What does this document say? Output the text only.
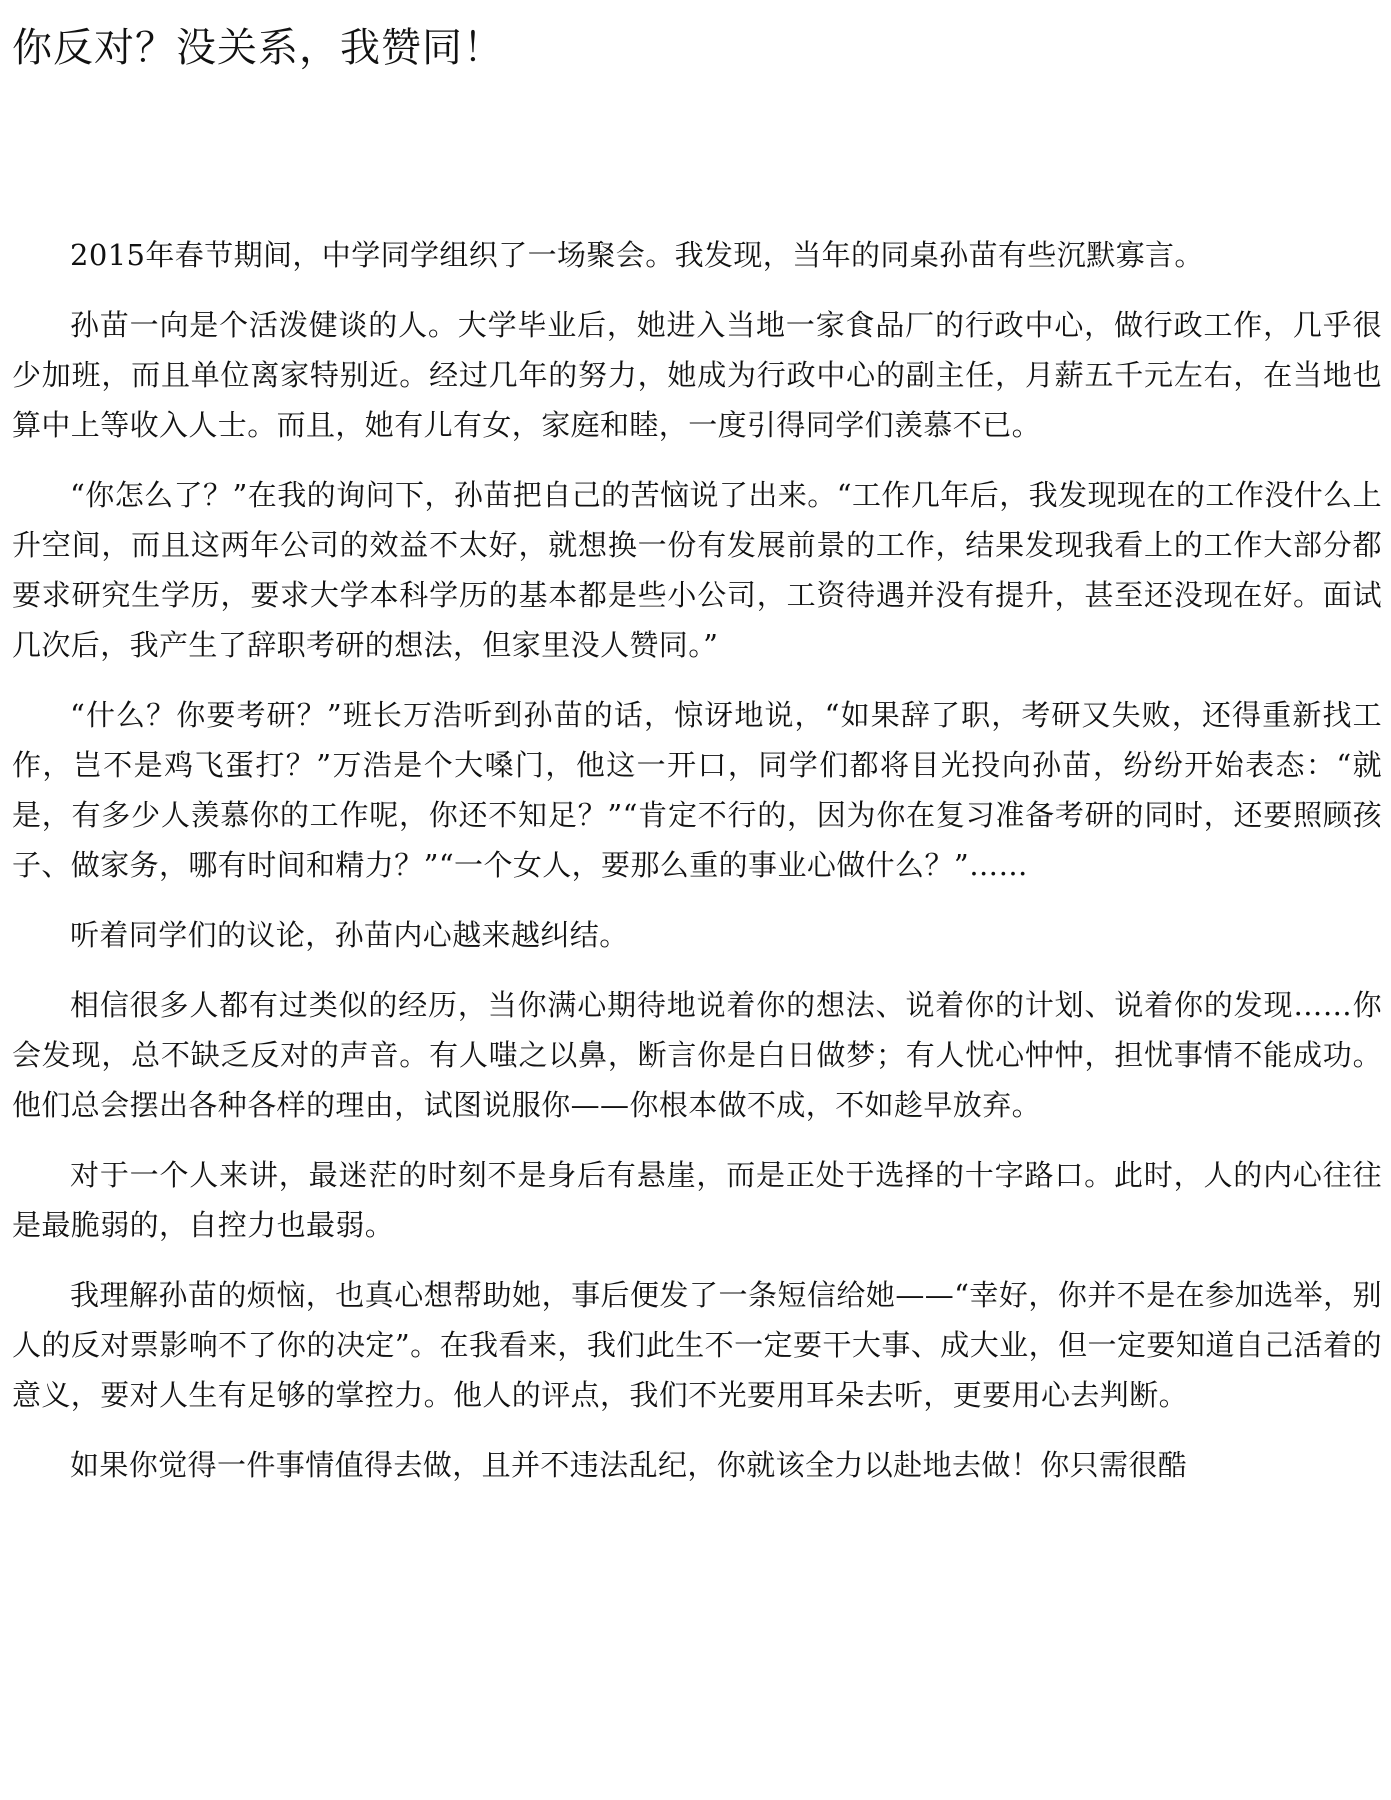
你反对？没关系，我赞同！

2015年春节期间，中学同学组织了一场聚会。我发现，当年的同桌孙苗有些沉默寡言。

孙苗一向是个活泼健谈的人。大学毕业后，她进入当地一家食品厂的行政中心，做行政工作，几乎很少加班，而且单位离家特别近。经过几年的努力，她成为行政中心的副主任，月薪五千元左右，在当地也算中上等收入人士。而且，她有儿有女，家庭和睦，一度引得同学们羡慕不已。

“你怎么了？”在我的询问下，孙苗把自己的苦恼说了出来。“工作几年后，我发现现在的工作没什么上升空间，而且这两年公司的效益不太好，就想换一份有发展前景的工作，结果发现我看上的工作大部分都要求研究生学历，要求大学本科学历的基本都是些小公司，工资待遇并没有提升，甚至还没现在好。面试几次后，我产生了辞职考研的想法，但家里没人赞同。”

“什么？你要考研？”班长万浩听到孙苗的话，惊讶地说，“如果辞了职，考研又失败，还得重新找工作，岂不是鸡飞蛋打？”万浩是个大嗓门，他这一开口，同学们都将目光投向孙苗，纷纷开始表态：“就是，有多少人羡慕你的工作呢，你还不知足？”“肯定不行的，因为你在复习准备考研的同时，还要照顾孩子、做家务，哪有时间和精力？”“一个女人，要那么重的事业心做什么？”……

听着同学们的议论，孙苗内心越来越纠结。

相信很多人都有过类似的经历，当你满心期待地说着你的想法、说着你的计划、说着你的发现……你会发现，总不缺乏反对的声音。有人嗤之以鼻，断言你是白日做梦；有人忧心忡忡，担忧事情不能成功。他们总会摆出各种各样的理由，试图说服你——你根本做不成，不如趁早放弃。

对于一个人来讲，最迷茫的时刻不是身后有悬崖，而是正处于选择的十字路口。此时，人的内心往往是最脆弱的，自控力也最弱。

我理解孙苗的烦恼，也真心想帮助她，事后便发了一条短信给她——“幸好，你并不是在参加选举，别人的反对票影响不了你的决定”。在我看来，我们此生不一定要干大事、成大业，但一定要知道自己活着的意义，要对人生有足够的掌控力。他人的评点，我们不光要用耳朵去听，更要用心去判断。

如果你觉得一件事情值得去做，且并不违法乱纪，你就该全力以赴地去做！你只需很酷
